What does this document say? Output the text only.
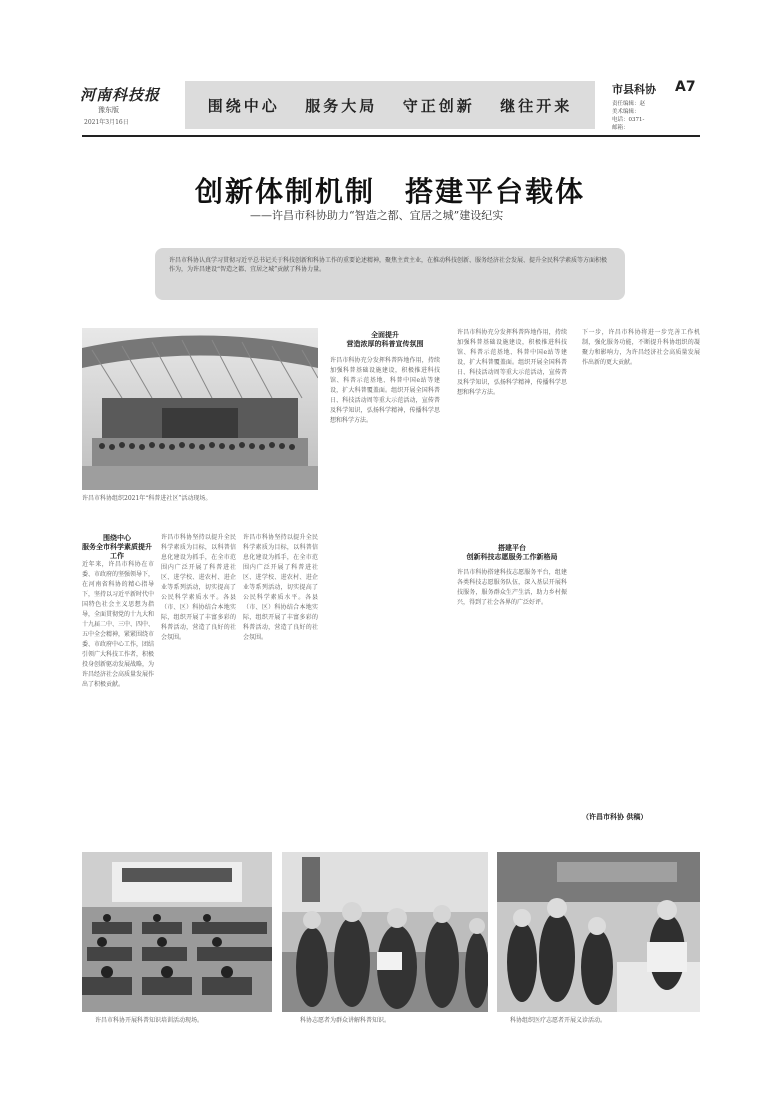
河南科技报
豫东版
2021年3月16日
围绕中心 服务大局 守正创新 继往开来
市县科协 A7
责任编辑：赵
美术编辑：
电话：0371-
邮箱：
创新体制机制　搭建平台载体
——许昌市科协助力“智造之都、宜居之城”建设纪实
许昌市科协认真学习贯彻习近平总书记关于科技创新和科协工作的重要论述精神，聚焦主责主业，在推动科技创新、服务经济社会发展、提升全民科学素质等方面积极作为，为许昌建设“智造之都、宜居之城”贡献了科协力量。
许昌市科协组织2021年“科普进社区”活动现场。
围绕中心
服务全市科学素质提升工作
近年来，许昌市科协在市委、市政府的坚强领导下，在河南省科协的精心指导下，坚持以习近平新时代中国特色社会主义思想为指导，全面贯彻党的十九大和十九届二中、三中、四中、五中全会精神，紧紧围绕市委、市政府中心工作，团结引领广大科技工作者，积极投身创新驱动发展战略，为许昌经济社会高质量发展作出了积极贡献。
许昌市科协坚持以提升全民科学素质为目标，以科普信息化建设为抓手，在全市范围内广泛开展了科普进社区、进学校、进农村、进企业等系列活动，切实提高了公民科学素质水平。各县（市、区）科协结合本地实际，组织开展了丰富多彩的科普活动，营造了良好的社会氛围。
许昌市科协坚持以提升全民科学素质为目标，以科普信息化建设为抓手，在全市范围内广泛开展了科普进社区、进学校、进农村、进企业等系列活动，切实提高了公民科学素质水平。各县（市、区）科协结合本地实际，组织开展了丰富多彩的科普活动，营造了良好的社会氛围。
全面提升
营造浓厚的科普宣传氛围
许昌市科协充分发挥科普阵地作用，持续加强科普基础设施建设，积极推进科技馆、科普示范基地、科普中国e站等建设，扩大科普覆盖面。组织开展全国科普日、科技活动周等重大示范活动，宣传普及科学知识，弘扬科学精神，传播科学思想和科学方法。
许昌市科协充分发挥科普阵地作用，持续加强科普基础设施建设，积极推进科技馆、科普示范基地、科普中国e站等建设，扩大科普覆盖面。组织开展全国科普日、科技活动周等重大示范活动，宣传普及科学知识，弘扬科学精神，传播科学思想和科学方法。
搭建平台
创新科技志愿服务工作新格局
许昌市科协搭建科技志愿服务平台，组建各类科技志愿服务队伍，深入基层开展科技服务，服务群众生产生活，助力乡村振兴，得到了社会各界的广泛好评。
下一步，许昌市科协将进一步完善工作机制，强化服务功能，不断提升科协组织的凝聚力和影响力，为许昌经济社会高质量发展作出新的更大贡献。
（许昌市科协 供稿）
许昌市科协开展科普知识培训活动现场。	科协志愿者为群众讲解科普知识。	科协组织医疗志愿者开展义诊活动。
